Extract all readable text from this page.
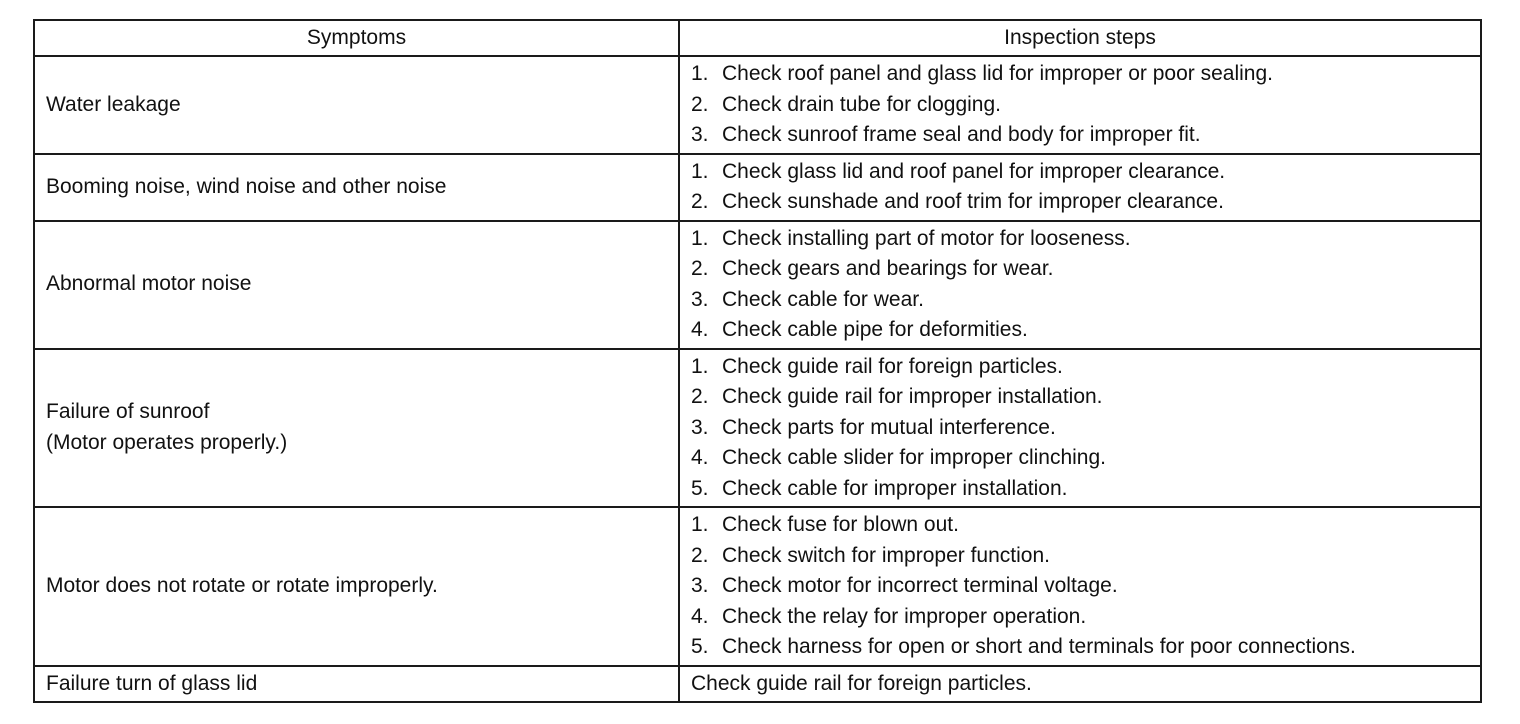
Symptoms	Inspection steps

Water leakage	1. Check roof panel and glass lid for improper or poor sealing.
2. Check drain tube for clogging.
3. Check sunroof frame seal and body for improper fit.

Booming noise, wind noise and other noise	1. Check glass lid and roof panel for improper clearance.
2. Check sunshade and roof trim for improper clearance.

Abnormal motor noise	1. Check installing part of motor for looseness.
2. Check gears and bearings for wear.
3. Check cable for wear.
4. Check cable pipe for deformities.

Failure of sunroof
(Motor operates properly.)	1. Check guide rail for foreign particles.
2. Check guide rail for improper installation.
3. Check parts for mutual interference.
4. Check cable slider for improper clinching.
5. Check cable for improper installation.

Motor does not rotate or rotate improperly.	1. Check fuse for blown out.
2. Check switch for improper function.
3. Check motor for incorrect terminal voltage.
4. Check the relay for improper operation.
5. Check harness for open or short and terminals for poor connections.

Failure turn of glass lid	Check guide rail for foreign particles.
